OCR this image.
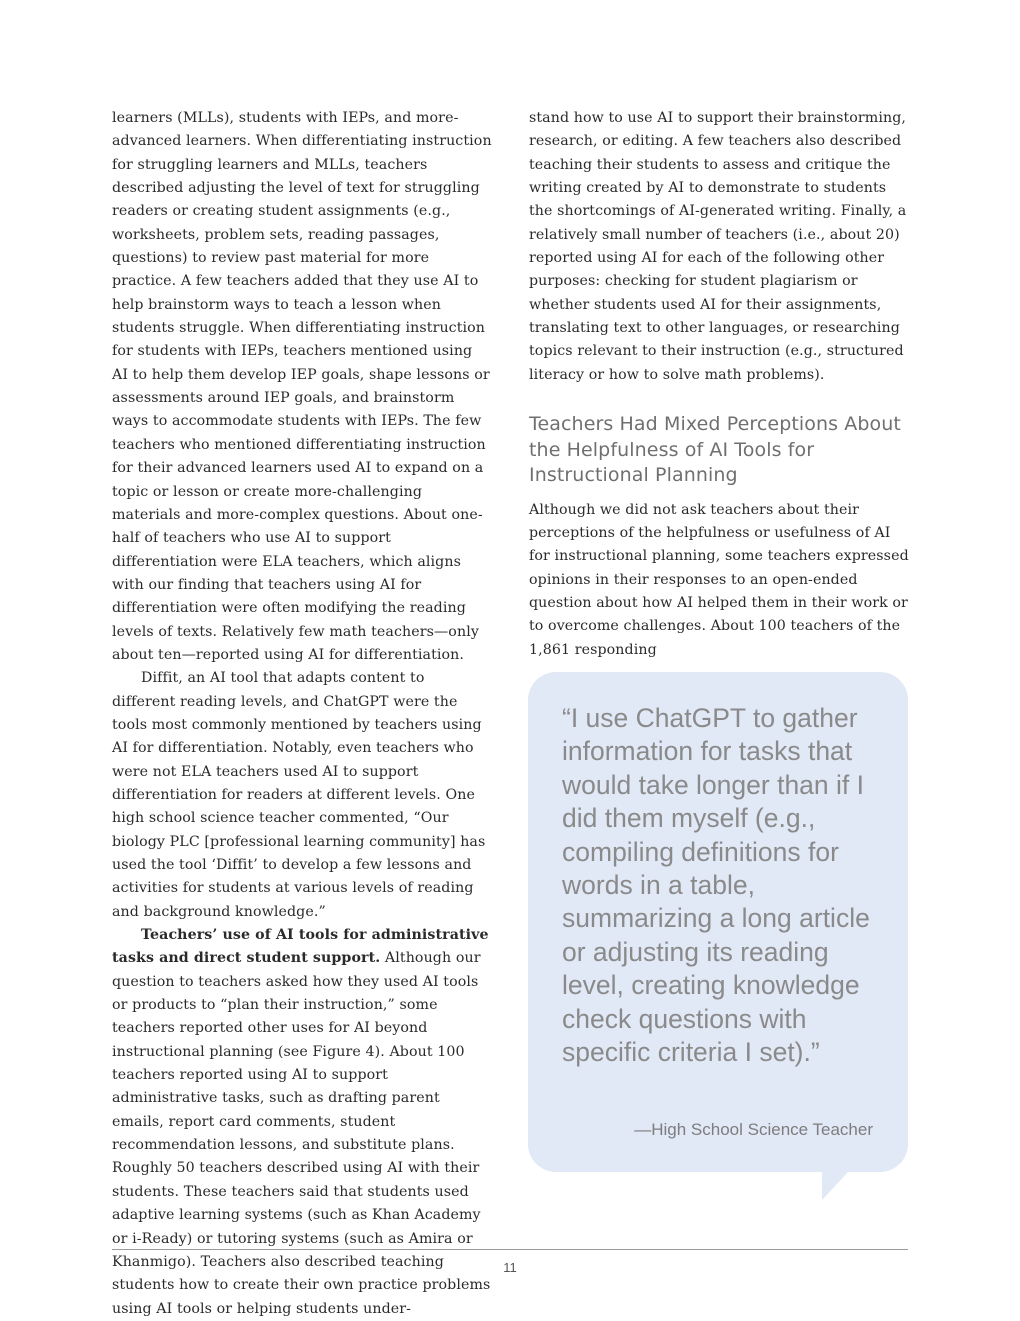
learners (MLLs), students with IEPs, and more-advanced learners. When differentiating instruction for struggling learners and MLLs, teachers described adjusting the level of text for struggling readers or creating student assignments (e.g., worksheets, problem sets, reading passages, questions) to review past material for more practice. A few teachers added that they use AI to help brainstorm ways to teach a lesson when students struggle. When differentiating instruction for students with IEPs, teachers mentioned using AI to help them develop IEP goals, shape lessons or assessments around IEP goals, and brainstorm ways to accommodate students with IEPs. The few teachers who mentioned differentiating instruction for their advanced learners used AI to expand on a topic or lesson or create more-challenging materials and more-complex questions. About one-half of teachers who use AI to support differentiation were ELA teachers, which aligns with our finding that teachers using AI for differentiation were often modifying the reading levels of texts. Relatively few math teachers—only about ten—reported using AI for differentiation.

Diffit, an AI tool that adapts content to different reading levels, and ChatGPT were the tools most commonly mentioned by teachers using AI for differentiation. Notably, even teachers who were not ELA teachers used AI to support differentiation for readers at different levels. One high school science teacher commented, “Our biology PLC [professional learning community] has used the tool ‘Diffit’ to develop a few lessons and activities for students at various levels of reading and background knowledge.”

Teachers’ use of AI tools for administrative tasks and direct student support. Although our question to teachers asked how they used AI tools or products to “plan their instruction,” some teachers reported other uses for AI beyond instructional planning (see Figure 4). About 100 teachers reported using AI to support administrative tasks, such as drafting parent emails, report card comments, student recommendation lessons, and substitute plans. Roughly 50 teachers described using AI with their students. These teachers said that students used adaptive learning systems (such as Khan Academy or i-Ready) or tutoring systems (such as Amira or Khanmigo). Teachers also described teaching students how to create their own practice problems using AI tools or helping students under-

stand how to use AI to support their brainstorming, research, or editing. A few teachers also described teaching their students to assess and critique the writing created by AI to demonstrate to students the shortcomings of AI-generated writing. Finally, a relatively small number of teachers (i.e., about 20) reported using AI for each of the following other purposes: checking for student plagiarism or whether students used AI for their assignments, translating text to other languages, or researching topics relevant to their instruction (e.g., structured literacy or how to solve math problems).

Teachers Had Mixed Perceptions About the Helpfulness of AI Tools for Instructional Planning

Although we did not ask teachers about their perceptions of the helpfulness or usefulness of AI for instructional planning, some teachers expressed opinions in their responses to an open-ended question about how AI helped them in their work or to overcome challenges. About 100 teachers of the 1,861 responding

“I use ChatGPT to gather information for tasks that would take longer than if I did them myself (e.g., compiling definitions for words in a table, summarizing a long article or adjusting its reading level, creating knowledge check questions with specific criteria I set).”

—High School Science Teacher

11
